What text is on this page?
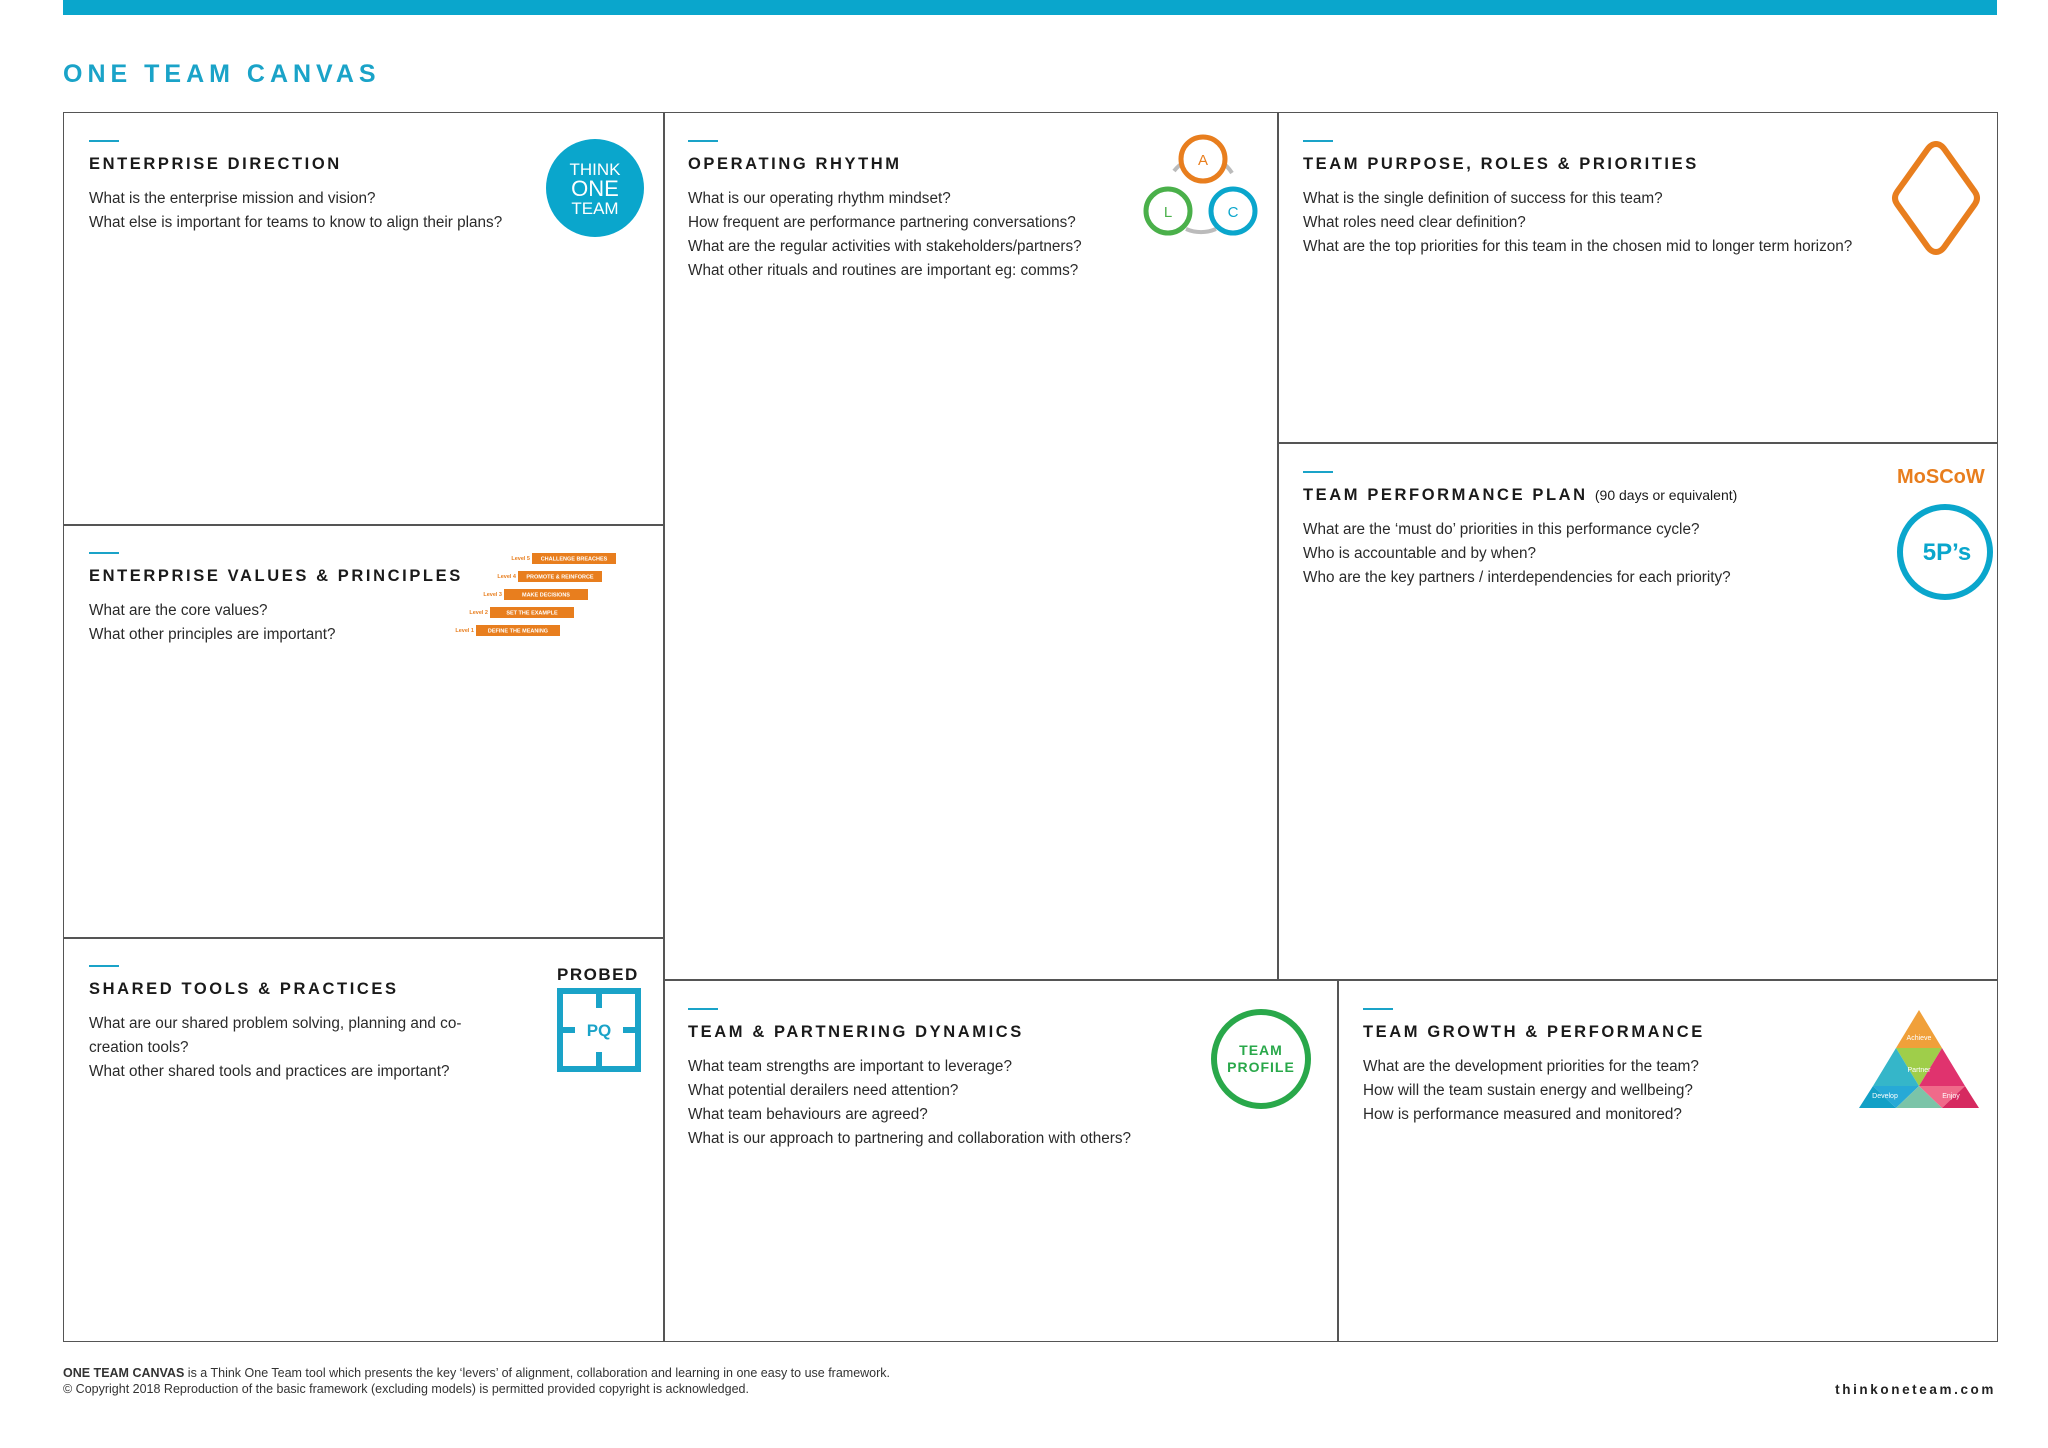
ONE TEAM CANVAS
ENTERPRISE DIRECTION
What is the enterprise mission and vision?
What else is important for teams to know to align their plans?
THINK
ONE
TEAM
ENTERPRISE VALUES & PRINCIPLES
What are the core values?
What other principles are important?
Level 5 CHALLENGE BREACHES
Level 4 PROMOTE & REINFORCE
Level 3	MAKE DECISIONS
Level 2	SET THE EXAMPLE
Level 1	DEFINE THE MEANING
SHARED TOOLS & PRACTICES
What are our shared problem solving, planning and co-creation tools?
What other shared tools and practices are important?
PROBED
PQ
OPERATING RHYTHM
What is our operating rhythm mindset?
How frequent are performance partnering conversations?
What are the regular activities with stakeholders/partners?
What other rituals and routines are important eg: comms?
A
L	C
TEAM PURPOSE, ROLES & PRIORITIES
What is the single definition of success for this team?
What roles need clear definition?
What are the top priorities for this team in the chosen mid to longer term horizon?
TEAM PERFORMANCE PLAN (90 days or equivalent)
What are the ‘must do’ priorities in this performance cycle?
Who is accountable and by when?
Who are the key partners / interdependencies for each priority?
MoSCoW
5P’s
TEAM & PARTNERING DYNAMICS
What team strengths are important to leverage?
What potential derailers need attention?
What team behaviours are agreed?
What is our approach to partnering and collaboration with others?
TEAM
PROFILE
TEAM GROWTH & PERFORMANCE
What are the development priorities for the team?
How will the team sustain energy and wellbeing?
How is performance measured and monitored?
Achieve
Partner
Develop	Enjoy
ONE TEAM CANVAS is a Think One Team tool which presents the key ‘levers’ of alignment, collaboration and learning in one easy to use framework.
© Copyright 2018 Reproduction of the basic framework (excluding models) is permitted provided copyright is acknowledged.	thinkoneteam.com
